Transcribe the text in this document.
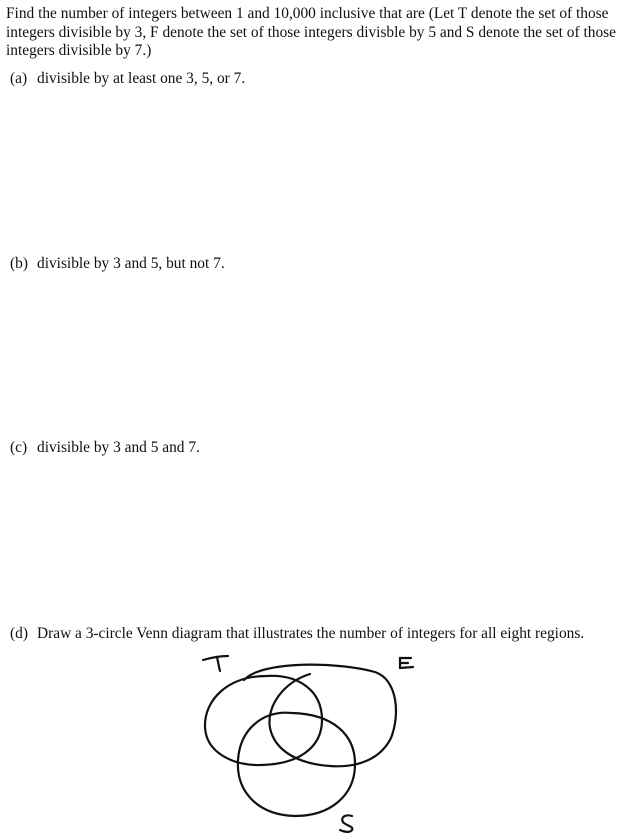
Find the number of integers between 1 and 10,000 inclusive that are (Let T denote the set of those integers divisible by 3, F denote the set of those integers divisble by 5 and S denote the set of those integers divisible by 7.)

(a) divisible by at least one 3, 5, or 7.
(b) divisible by 3 and 5, but not 7.
(c) divisible by 3 and 5 and 7.
(d) Draw a 3-circle Venn diagram that illustrates the number of integers for all eight regions.
